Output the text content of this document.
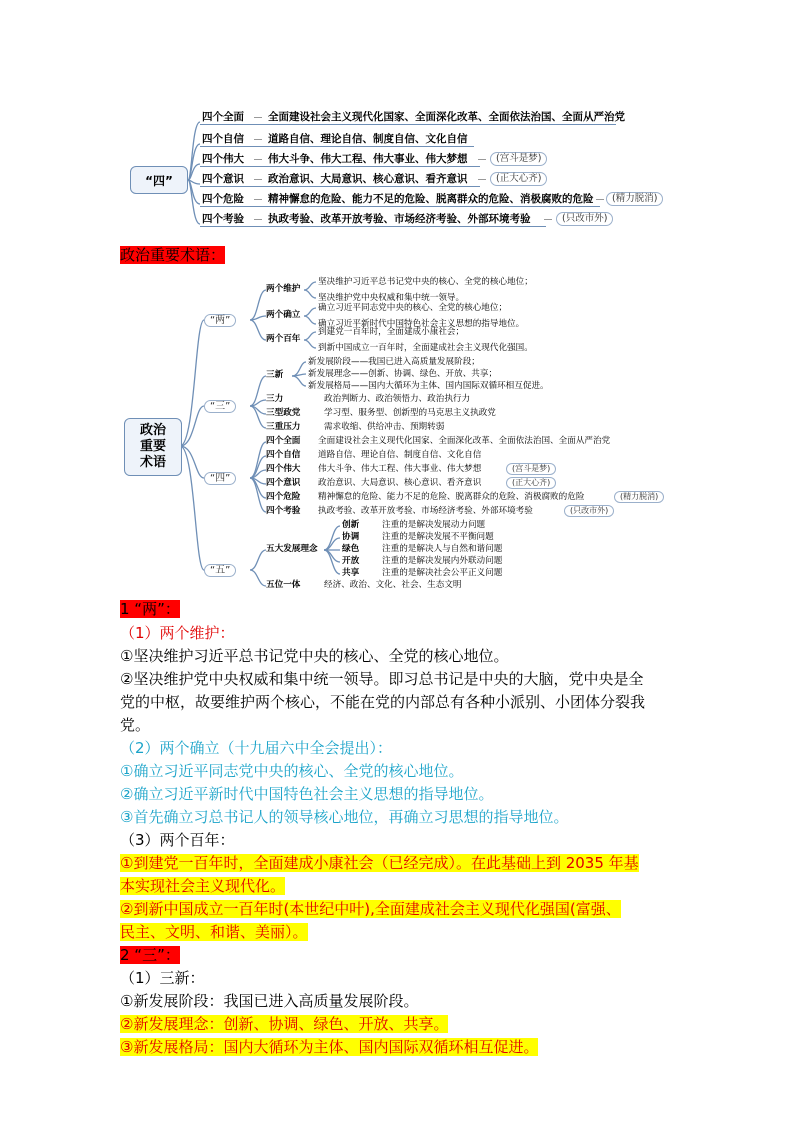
“四”
四个全面 全面建设社会主义现代化国家、全面深化改革、全面依法治国、全面从严治党
四个自信 道路自信、理论自信、制度自信、文化自信
四个伟大 伟大斗争、伟大工程、伟大事业、伟大梦想	(宫斗是梦)
四个意识 政治意识、大局意识、核心意识、看齐意识	(正大心齐)
四个危险 精神懈怠的危险、能力不足的危险、脱离群众的危险、消极腐败的危险	(精力脱消)
四个考验 执政考验、改革开放考验、市场经济考验、外部环境考验	(只改市外)
政治重要术语：
政治
重要
术语
“两”
“三”
“四”
“五”
两个维护
坚决维护习近平总书记党中央的核心、全党的核心地位；
坚决维护党中央权威和集中统一领导。
两个确立
确立习近平同志党中央的核心、全党的核心地位；
确立习近平新时代中国特色社会主义思想的指导地位。
两个百年
到建党一百年时，全面建成小康社会；
到新中国成立一百年时，全面建成社会主义现代化强国。
三新
新发展阶段——我国已进入高质量发展阶段；
新发展理念——创新、协调、绿色、开放、共享；
新发展格局——国内大循环为主体、国内国际双循环相互促进。
三力	政治判断力、政治领悟力、政治执行力
三型政党	学习型、服务型、创新型的马克思主义执政党
三重压力	需求收缩、供给冲击、预期转弱
四个全面 全面建设社会主义现代化国家、全面深化改革、全面依法治国、全面从严治党
四个自信 道路自信、理论自信、制度自信、文化自信
四个伟大 伟大斗争、伟大工程、伟大事业、伟大梦想	(宫斗是梦)
四个意识 政治意识、大局意识、核心意识、看齐意识	(正大心齐)
四个危险 精神懈怠的危险、能力不足的危险、脱离群众的危险、消极腐败的危险	(精力脱消)
四个考验 执政考验、改革开放考验、市场经济考验、外部环境考验	(只改市外)
五大发展理念
创新	注重的是解决发展动力问题
协调	注重的是解决发展不平衡问题
绿色	注重的是解决人与自然和谐问题
开放	注重的是解决发展内外联动问题
共享	注重的是解决社会公平正义问题
五位一体	经济、政治、文化、社会、生态文明
1 “两”：
（1）两个维护：
①坚决维护习近平总书记党中央的核心、全党的核心地位。
②坚决维护党中央权威和集中统一领导。即习总书记是中央的大脑，党中央是全
党的中枢，故要维护两个核心，不能在党的内部总有各种小派别、小团体分裂我
党。
（2）两个确立（十九届六中全会提出）：
①确立习近平同志党中央的核心、全党的核心地位。
②确立习近平新时代中国特色社会主义思想的指导地位。
③首先确立习总书记人的领导核心地位，再确立习思想的指导地位。
（3）两个百年：
①到建党一百年时，全面建成小康社会（已经完成）。在此基础上到 2035 年基
本实现社会主义现代化。
②到新中国成立一百年时(本世纪中叶),全面建成社会主义现代化强国(富强、
民主、文明、和谐、美丽）。
2 “三”：
（1）三新：
①新发展阶段：我国已进入高质量发展阶段。
②新发展理念：创新、协调、绿色、开放、共享。
③新发展格局：国内大循环为主体、国内国际双循环相互促进。
